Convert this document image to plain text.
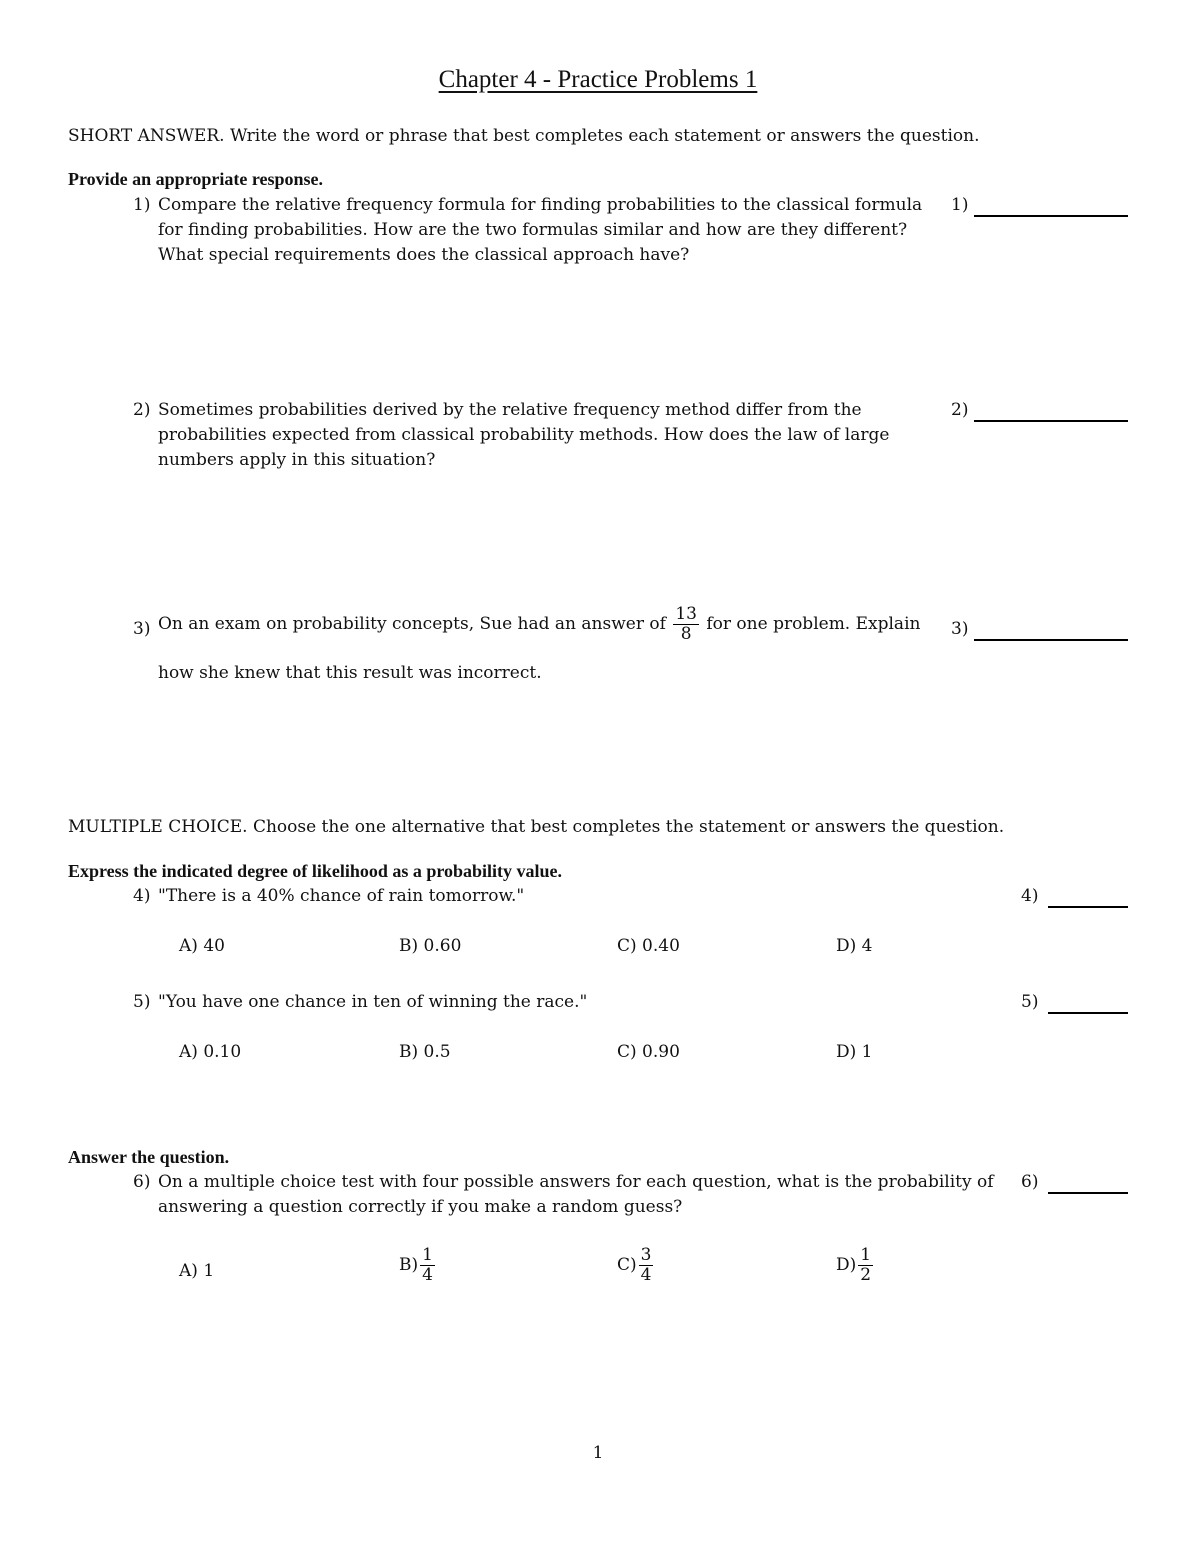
Chapter 4 - Practice Problems 1
SHORT ANSWER. Write the word or phrase that best completes each statement or answers the question.
Provide an appropriate response.
1) Compare the relative frequency formula for finding probabilities to the classical formula
for finding probabilities. How are the two formulas similar and how are they different?
What special requirements does the classical approach have?
1)
2) Sometimes probabilities derived by the relative frequency method differ from the
probabilities expected from classical probability methods. How does the law of large
numbers apply in this situation?
2)
3) On an exam on probability concepts, Sue had an answer of $\frac{13}{8}$ for one problem. Explain
how she knew that this result was incorrect.
3)
MULTIPLE CHOICE. Choose the one alternative that best completes the statement or answers the question.
Express the indicated degree of likelihood as a probability value.
4) "There is a 40% chance of rain tomorrow."	4)
A) 40	B) 0.60	C) 0.40	D) 4
5) "You have one chance in ten of winning the race."	5)
A) 0.10	B) 0.5	C) 0.90	D) 1
Answer the question.
6) On a multiple choice test with four possible answers for each question, what is the probability of
answering a question correctly if you make a random guess?
6)
A) 1	$B) \frac{1}{4}$	$C) \frac{3}{4}$	$D) \frac{1}{2}$
1
